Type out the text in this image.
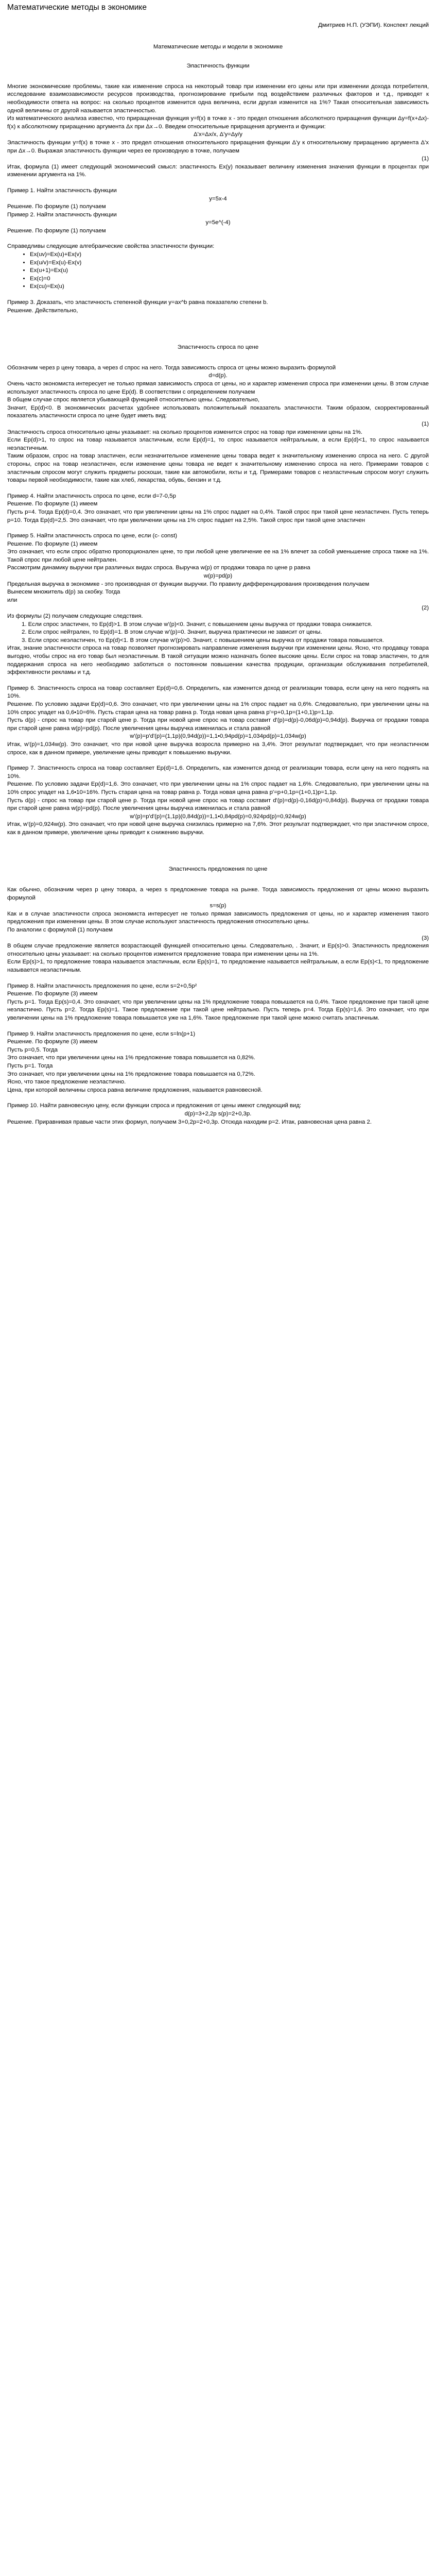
Математические методы в экономике
Дмитриев Н.П. (УЭПИ). Конспект лекций
Математические методы и модели в экономике
Эластичность функции

Многие экономические проблемы, такие как изменение спроса на некоторый товар при изменении его цены или при изменении дохода потребителя, исследование взаимозависимости ресурсов производства, прогнозирование прибыли под воздействием различных факторов и т.д., приводят к необходимости ответа на вопрос: на сколько процентов изменится одна величина, если другая изменится на 1%? Такая относительная зависимость одной величины от другой называется эластичностью.

Из математического анализа известно, что приращенная функция y=f(x) в точке x - это предел отношения абсолютного приращения функции Δy=f(x+Δx)-f(x) к абсолютному приращению аргумента Δx при Δx→0. Введем относительные приращения аргумента и функции:

Δ'x=Δx/x, Δ'y=Δy/y

Эластичность функции y=f(x) в точке x - это предел отношения относительного приращения функции Δ'y к относительному приращению аргумента Δ'x при Δx→0. Выражая эластичность функции через ее производную в точке, получаем

(1)

Итак, формула (1) имеет следующий экономический смысл: эластичность Ex(y) показывает величину изменения значения функции в процентах при изменении аргумента на 1%.

Пример 1. Найти эластичность функции

y=5x-4

Решение. По формуле (1) получаем

Пример 2. Найти эластичность функции

y=5e^(-4)

Решение. По формуле (1) получаем

Справедливы следующие алгебраические свойства эластичности функции:

• Ex(uv)=Ex(u)+Ex(v)
• Ex(u/v)=Ex(u)-Ex(v)
• Ex(u+1)=Ex(u)
• Ex(c)=0
• Ex(cu)=Ex(u)

Пример 3. Доказать, что эластичность степенной функции y=ax^b равна показателю степени b.

Решение. Действительно,

Эластичность спроса по цене

Обозначим через p цену товара, а через d спрос на него. Тогда зависимость спроса от цены можно выразить формулой

d=d(p).

Очень часто экономиста интересует не только прямая зависимость спроса от цены, но и характер изменения спроса при изменении цены. В этом случае используют эластичность спроса по цене Ep(d). В соответствии с определением получаем

В общем случае спрос является убывающей функцией относительно цены. Следовательно,

Значит, Ep(d)<0. В экономических расчетах удобнее использовать положительный показатель эластичности. Таким образом, скорректированный показатель эластичности спроса по цене будет иметь вид:

(1)

Эластичность спроса относительно цены указывает: на сколько процентов изменится спрос на товар при изменении цены на 1%.

Если Ep(d)>1, то спрос на товар называется эластичным, если Ep(d)=1, то спрос называется нейтральным, а если Ep(d)<1, то спрос называется неэластичным.

Таким образом, спрос на товар эластичен, если незначительное изменение цены товара ведет к значительному изменению спроса на него. С другой стороны, спрос на товар неэластичен, если изменение цены товара не ведет к значительному изменению спроса на него. Примерами товаров с эластичным спросом могут служить предметы роскоши, такие как автомобили, яхты и т.д. Примерами товаров с неэластичным спросом могут служить товары первой необходимости, такие как хлеб, лекарства, обувь, бензин и т.д.

Пример 4. Найти эластичность спроса по цене, если d=7-0,5p

Решение. По формуле (1) имеем

Пусть p=4. Тогда Ep(d)=0,4. Это означает, что при увеличении цены на 1% спрос падает на 0,4%. Такой спрос при такой цене неэластичен. Пусть теперь p=10. Тогда Ep(d)=2,5. Это означает, что при увеличении цены на 1% спрос падает на 2,5%. Такой спрос при такой цене эластичен

Пример 5. Найти эластичность спроса по цене, если (c- const)

Решение. По формуле (1) имеем

Это означает, что если спрос обратно пропорционален цене, то при любой цене увеличение ее на 1% влечет за собой уменьшение спроса также на 1%. Такой спрос при любой цене нейтрален.

Рассмотрим динамику выручки при различных видах спроса. Выручка w(p) от продажи товара по цене p равна

w(p)=pd(p)

Предельная выручка в экономике - это производная от функции выручки. По правилу дифференцирования произведения получаем

Вынесем множитель d(p) за скобку. Тогда

или

(2)

Из формулы (2) получаем следующие следствия.

1. Если спрос эластичен, то Ep(d)>1. В этом случае w'(p)<0. Значит, с повышением цены выручка от продажи товара снижается.

2. Если спрос нейтрален, то Ep(d)=1. В этом случае w'(p)=0. Значит, выручка практически не зависит от цены.

3. Если спрос неэластичен, то Ep(d)<1. В этом случае w'(p)>0. Значит, с повышением цены выручка от продажи товара повышается.

Итак, знание эластичности спроса на товар позволяет прогнозировать направление изменения выручки при изменении цены. Ясно, что продавцу товара выгодно, чтобы спрос на его товар был неэластичным. В такой ситуации можно назначать более высокие цены. Если спрос на товар эластичен, то для поддержания спроса на него необходимо заботиться о постоянном повышении качества продукции, организации обслуживания потребителей, эффективности рекламы и т.д.

Пример 6. Эластичность спроса на товар составляет Ep(d)=0,6. Определить, как изменится доход от реализации товара, если цену на него поднять на 10%.

Решение. По условию задачи Ep(d)=0,6. Это означает, что при увеличении цены на 1% спрос падает на 0,6%. Следовательно, при увеличении цены на 10% спрос упадет на 0,6•10=6%. Пусть старая цена на товар равна p. Тогда новая цена равна p'=p+0,1p=(1+0,1)p=1,1p.

Пусть d(p) - спрос на товар при старой цене p. Тогда при новой цене спрос на товар составит d'(p)=d(p)-0,06d(p)=0,94d(p). Выручка от продажи товара при старой цене равна w(p)=pd(p). После увеличения цены выручка изменилась и стала равной

w'(p)=p'd'(p)=(1,1p)(0,94d(p))=1,1•0,94pd(p)=1,034pd(p)=1,034w(p)

Итак, w'(p)=1,034w(p). Это означает, что при новой цене выручка возросла примерно на 3,4%. Этот результат подтверждает, что при неэластичном спросе, как в данном примере, увеличение цены приводит к повышению выручки.

Пример 7. Эластичность спроса на товар составляет Ep(d)=1,6. Определить, как изменится доход от реализации товара, если цену на него поднять на 10%.

Решение. По условию задачи Ep(d)=1,6. Это означает, что при увеличении цены на 1% спрос падает на 1,6%. Следовательно, при увеличении цены на 10% спрос упадет на 1,6•10=16%. Пусть старая цена на товар равна p. Тогда новая цена равна p'=p+0,1p=(1+0,1)p=1,1p.

Пусть d(p) - спрос на товар при старой цене p. Тогда при новой цене спрос на товар составит d'(p)=d(p)-0,16d(p)=0,84d(p). Выручка от продажи товара при старой цене равна w(p)=pd(p). После увеличения цены выручка изменилась и стала равной

w'(p)=p'd'(p)=(1,1p)(0,84d(p))=1,1•0,84pd(p)=0,924pd(p)=0,924w(p)

Итак, w'(p)=0,924w(p). Это означает, что при новой цене выручка снизилась примерно на 7,6%. Этот результат подтверждает, что при эластичном спросе, как в данном примере, увеличение цены приводит к снижению выручки.

Эластичность предложения по цене

Как обычно, обозначим через p цену товара, а через s предложение товара на рынке. Тогда зависимость предложения от цены можно выразить формулой

s=s(p)

Как и в случае эластичности спроса экономиста интересует не только прямая зависимость предложения от цены, но и характер изменения такого предложения при изменении цены. В этом случае используют эластичность предложения относительно цены.

По аналогии с формулой (1) получаем

(3)

В общем случае предложение является возрастающей функцией относительно цены. Следовательно, . Значит, и Ep(s)>0. Эластичность предложения относительно цены указывает: на сколько процентов изменится предложение товара при изменении цены на 1%.

Если Ep(s)>1, то предложение товара называется эластичным, если Ep(s)=1, то предложение называется нейтральным, а если Ep(s)<1, то предложение называется неэластичным.

Пример 8. Найти эластичность предложения по цене, если s=2+0,5p²

Решение. По формуле (3) имеем

Пусть p=1. Тогда Ep(s)=0,4. Это означает, что при увеличении цены на 1% предложение товара повышается на 0,4%. Такое предложение при такой цене неэластично. Пусть p=2. Тогда Ep(s)=1. Такое предложение при такой цене нейтрально. Пусть теперь p=4. Тогда Ep(s)=1,6. Это означает, что при увеличении цены на 1% предложение товара повышается уже на 1,6%. Такое предложение при такой цене можно считать эластичным.

Пример 9. Найти эластичность предложения по цене, если s=ln(p+1)

Решение. По формуле (3) имеем

Пусть p=0,5. Тогда

Это означает, что при увеличении цены на 1% предложение товара повышается на 0,82%.

Пусть p=1. Тогда

Это означает, что при увеличении цены на 1% предложение товара повышается на 0,72%.

Ясно, что такое предложение неэластично.

Цена, при которой величины спроса равна величине предложения, называется равновесной.

Пример 10. Найти равновесную цену, если функции спроса и предложения от цены имеют следующий вид:

d(p)=3+2,2p s(p)=2+0,3p.

Решение. Приравнивая правые части этих формул, получаем 3+0,2p=2+0,3p. Отсюда находим p=2. Итак, равновесная цена равна 2.
